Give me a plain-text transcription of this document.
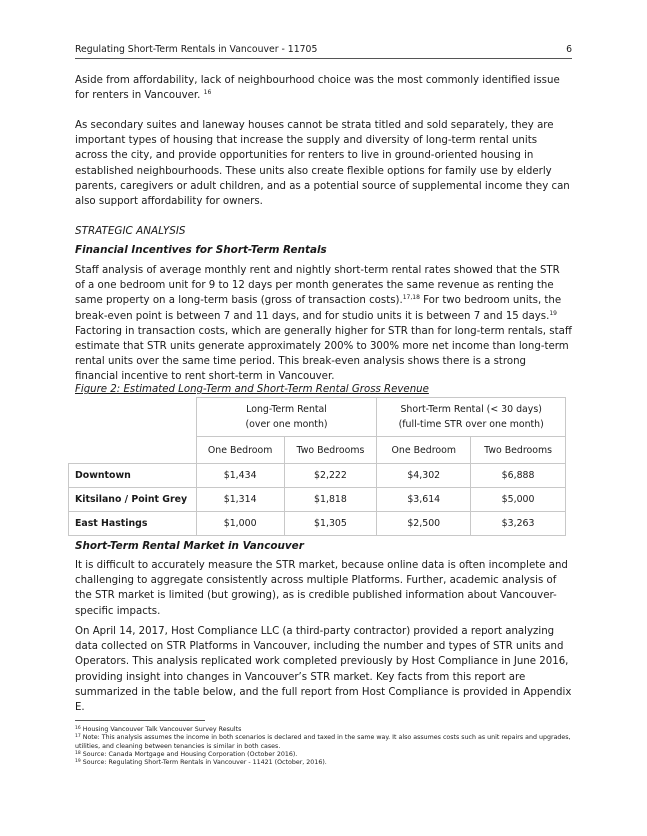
Regulating Short-Term Rentals in Vancouver - 11705	6

Aside from affordability, lack of neighbourhood choice was the most commonly identified issue for renters in Vancouver. $^{16}$

As secondary suites and laneway houses cannot be strata titled and sold separately, they are important types of housing that increase the supply and diversity of long-term rental units across the city, and provide opportunities for renters to live in ground-oriented housing in established neighbourhoods. These units also create flexible options for family use by elderly parents, caregivers or adult children, and as a potential source of supplemental income they can also support affordability for owners.

STRATEGIC ANALYSIS

Financial Incentives for Short-Term Rentals

Staff analysis of average monthly rent and nightly short-term rental rates showed that the STR of a one bedroom unit for 9 to 12 days per month generates the same revenue as renting the same property on a long-term basis (gross of transaction costs).$^{17,18}$ For two bedroom units, the break-even point is between 7 and 11 days, and for studio units it is between 7 and 15 days.$^{19}$ Factoring in transaction costs, which are generally higher for STR than for long-term rentals, staff estimate that STR units generate approximately 200% to 300% more net income than long-term rental units over the same time period. This break-even analysis shows there is a strong financial incentive to rent short-term in Vancouver.

Figure 2: Estimated Long-Term and Short-Term Rental Gross Revenue

	Long-Term Rental
(over one month)		Short-Term Rental (< 30 days)
(full-time STR over one month)	
	One Bedroom	Two Bedrooms	One Bedroom	Two Bedrooms
Downtown	$1,434	$2,222	$4,302	$6,888
Kitsilano / Point Grey	$1,314	$1,818	$3,614	$5,000
East Hastings	$1,000	$1,305	$2,500	$3,263

Short-Term Rental Market in Vancouver

It is difficult to accurately measure the STR market, because online data is often incomplete and challenging to aggregate consistently across multiple Platforms. Further, academic analysis of the STR market is limited (but growing), as is credible published information about Vancouver-specific impacts.

On April 14, 2017, Host Compliance LLC (a third-party contractor) provided a report analyzing data collected on STR Platforms in Vancouver, including the number and types of STR units and Operators. This analysis replicated work completed previously by Host Compliance in June 2016, providing insight into changes in Vancouver’s STR market. Key facts from this report are summarized in the table below, and the full report from Host Compliance is provided in Appendix E.

$^{16}$ Housing Vancouver Talk Vancouver Survey Results

$^{17}$ Note: This analysis assumes the income in both scenarios is declared and taxed in the same way. It also assumes costs such as unit repairs and upgrades, utilities, and cleaning between tenancies is similar in both cases.

$^{18}$ Source: Canada Mortgage and Housing Corporation (October 2016).

$^{19}$ Source: Regulating Short-Term Rentals in Vancouver - 11421 (October, 2016).
